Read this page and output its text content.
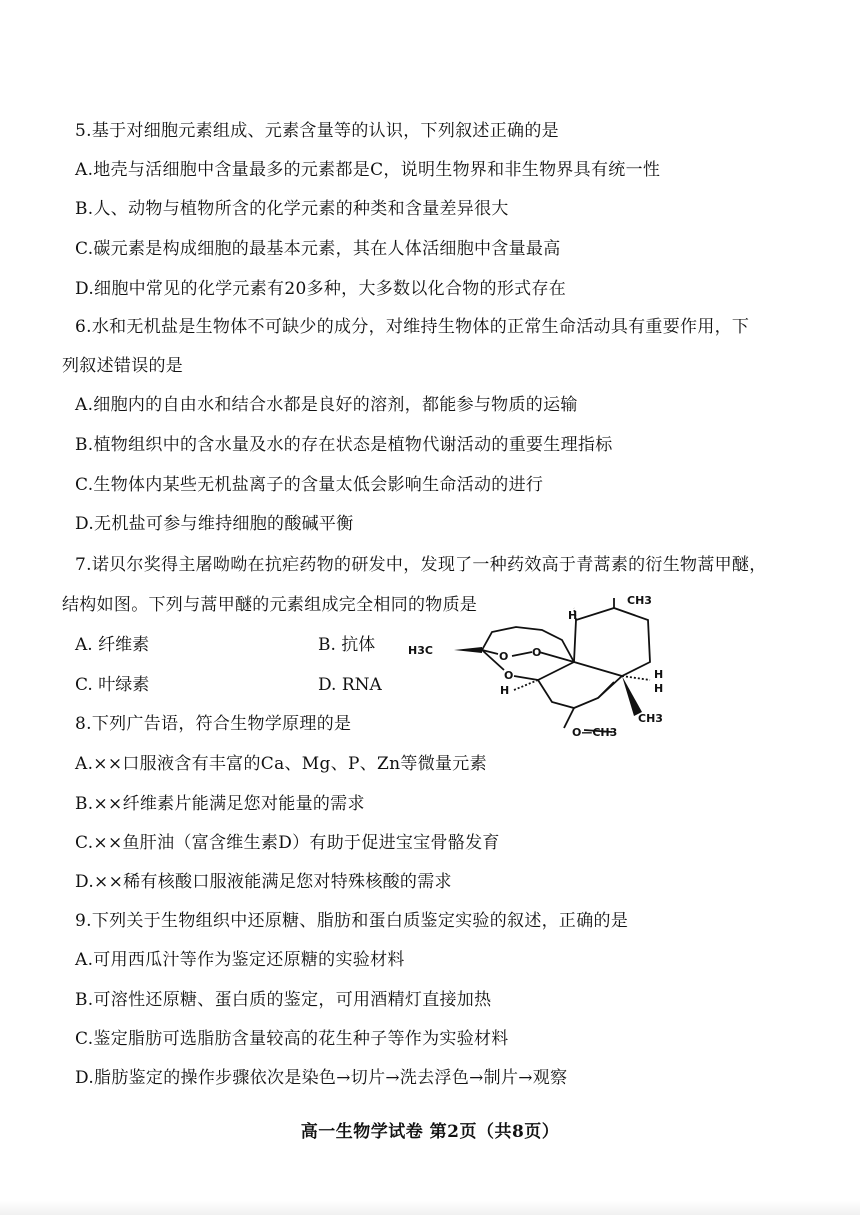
5.基于对细胞元素组成、元素含量等的认识，下列叙述正确的是
A.地壳与活细胞中含量最多的元素都是C，说明生物界和非生物界具有统一性
B.人、动物与植物所含的化学元素的种类和含量差异很大
C.碳元素是构成细胞的最基本元素，其在人体活细胞中含量最高
D.细胞中常见的化学元素有20多种，大多数以化合物的形式存在
6.水和无机盐是生物体不可缺少的成分，对维持生物体的正常生命活动具有重要作用，下
列叙述错误的是
A.细胞内的自由水和结合水都是良好的溶剂，都能参与物质的运输
B.植物组织中的含水量及水的存在状态是植物代谢活动的重要生理指标
C.生物体内某些无机盐离子的含量太低会影响生命活动的进行
D.无机盐可参与维持细胞的酸碱平衡
7.诺贝尔奖得主屠呦呦在抗疟药物的研发中，发现了一种药效高于青蒿素的衍生物蒿甲醚，
结构如图。下列与蒿甲醚的元素组成完全相同的物质是
A. 纤维素	B. 抗体
C. 叶绿素	D. RNA
CH3
H3C
H
H
H
H
CH3
O—CH3
O O
O
8.下列广告语，符合生物学原理的是
A.××口服液含有丰富的Ca、Mg、P、Zn等微量元素
B.××纤维素片能满足您对能量的需求
C.××鱼肝油（富含维生素D）有助于促进宝宝骨骼发育
D.××稀有核酸口服液能满足您对特殊核酸的需求
9.下列关于生物组织中还原糖、脂肪和蛋白质鉴定实验的叙述，正确的是
A.可用西瓜汁等作为鉴定还原糖的实验材料
B.可溶性还原糖、蛋白质的鉴定，可用酒精灯直接加热
C.鉴定脂肪可选脂肪含量较高的花生种子等作为实验材料
D.脂肪鉴定的操作步骤依次是染色→切片→洗去浮色→制片→观察
高一生物学试卷 第2页（共8页）
